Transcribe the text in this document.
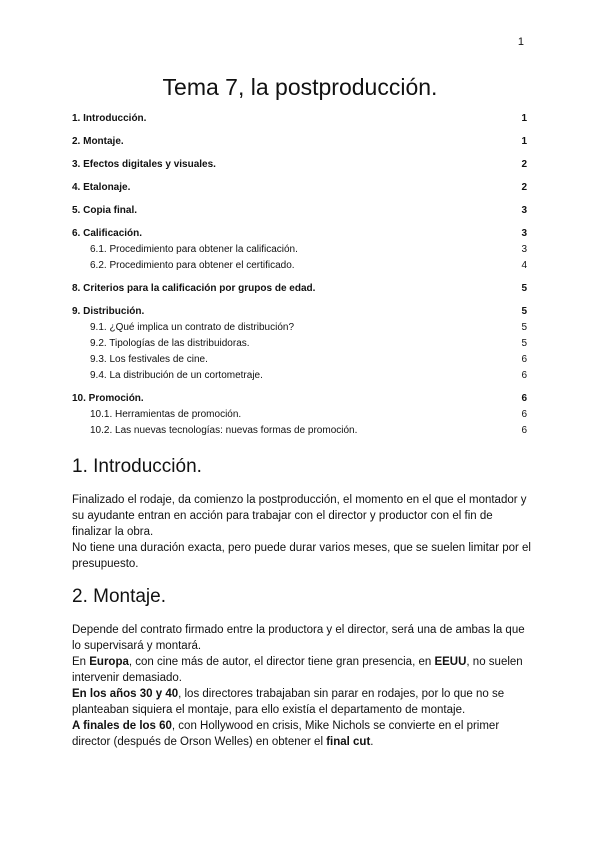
1
Tema 7, la postproducción.
1. Introducción.	1
2. Montaje.	1
3. Efectos digitales y visuales.	2
4. Etalonaje.	2
5. Copia final.	3
6. Calificación.	3
6.1. Procedimiento para obtener la calificación.	3
6.2. Procedimiento para obtener el certificado.	4
8. Criterios para la calificación por grupos de edad.	5
9. Distribución.	5
9.1. ¿Qué implica un contrato de distribución?	5
9.2. Tipologías de las distribuidoras.	5
9.3. Los festivales de cine.	6
9.4. La distribución de un cortometraje.	6
10. Promoción.	6
10.1. Herramientas de promoción.	6
10.2. Las nuevas tecnologías: nuevas formas de promoción.	6
1. Introducción.

Finalizado el rodaje, da comienzo la postproducción, el momento en el que el montador y su ayudante entran en acción para trabajar con el director y productor con el fin de finalizar la obra.

No tiene una duración exacta, pero puede durar varios meses, que se suelen limitar por el presupuesto.

2. Montaje.

Depende del contrato firmado entre la productora y el director, será una de ambas la que lo supervisará y montará.

En Europa, con cine más de autor, el director tiene gran presencia, en EEUU, no suelen intervenir demasiado.

En los años 30 y 40, los directores trabajaban sin parar en rodajes, por lo que no se planteaban siquiera el montaje, para ello existía el departamento de montaje.

A finales de los 60, con Hollywood en crisis, Mike Nichols se convierte en el primer director (después de Orson Welles) en obtener el final cut.
